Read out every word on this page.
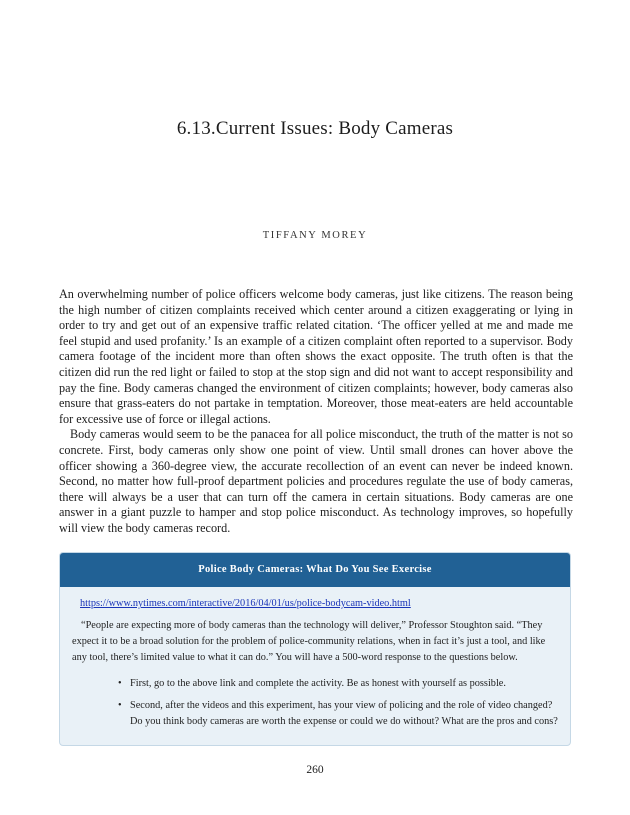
6.13.Current Issues: Body Cameras
TIFFANY MOREY

An overwhelming number of police officers welcome body cameras, just like citizens. The reason being the high number of citizen complaints received which center around a citizen exaggerating or lying in order to try and get out of an expensive traffic related citation. ‘The officer yelled at me and made me feel stupid and used profanity.’ Is an example of a citizen complaint often reported to a supervisor. Body camera footage of the incident more than often shows the exact opposite. The truth often is that the citizen did run the red light or failed to stop at the stop sign and did not want to accept responsibility and pay the fine. Body cameras changed the environment of citizen complaints; however, body cameras also ensure that grass-eaters do not partake in temptation. Moreover, those meat-eaters are held accountable for excessive use of force or illegal actions.

Body cameras would seem to be the panacea for all police misconduct, the truth of the matter is not so concrete. First, body cameras only show one point of view. Until small drones can hover above the officer showing a 360-degree view, the accurate recollection of an event can never be indeed known. Second, no matter how full-proof department policies and procedures regulate the use of body cameras, there will always be a user that can turn off the camera in certain situations. Body cameras are one answer in a giant puzzle to hamper and stop police misconduct. As technology improves, so hopefully will view the body cameras record.

Police Body Cameras: What Do You See Exercise
https://www.nytimes.com/interactive/2016/04/01/us/police-bodycam-video.html

“People are expecting more of body cameras than the technology will deliver,” Professor Stoughton said. “They expect it to be a broad solution for the problem of police-community relations, when in fact it’s just a tool, and like any tool, there’s limited value to what it can do.” You will have a 500-word response to the questions below.

• First, go to the above link and complete the activity. Be as honest with yourself as possible.
• Second, after the videos and this experiment, has your view of policing and the role of video changed? Do you think body cameras are worth the expense or could we do without? What are the pros and cons?
260
